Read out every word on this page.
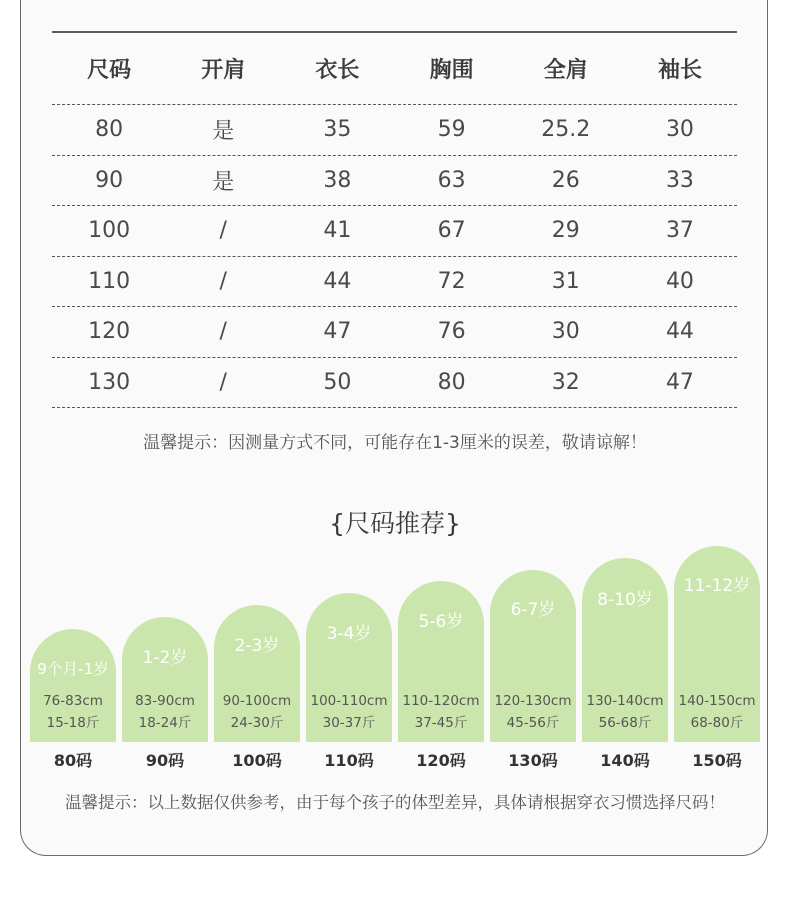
尺码	开肩	衣长	胸围	全肩	袖长
80	是	35	59	25.2	30
90	是	38	63	26	33
100	/	41	67	29	37
110	/	44	72	31	40
120	/	47	76	30	44
130	/	50	80	32	47
温馨提示：因测量方式不同，可能存在1-3厘米的误差，敬请谅解！
{尺码推荐}
9个月-1岁
76-83cm
15-18斤
1-2岁
83-90cm
18-24斤
2-3岁
90-100cm
24-30斤
3-4岁
100-110cm
30-37斤
5-6岁
110-120cm
37-45斤
6-7岁
120-130cm
45-56斤
8-10岁
130-140cm
56-68斤
11-12岁
140-150cm
68-80斤
80码	90码	100码	110码	120码	130码	140码	150码
温馨提示：以上数据仅供参考，由于每个孩子的体型差异，具体请根据穿衣习惯选择尺码！
